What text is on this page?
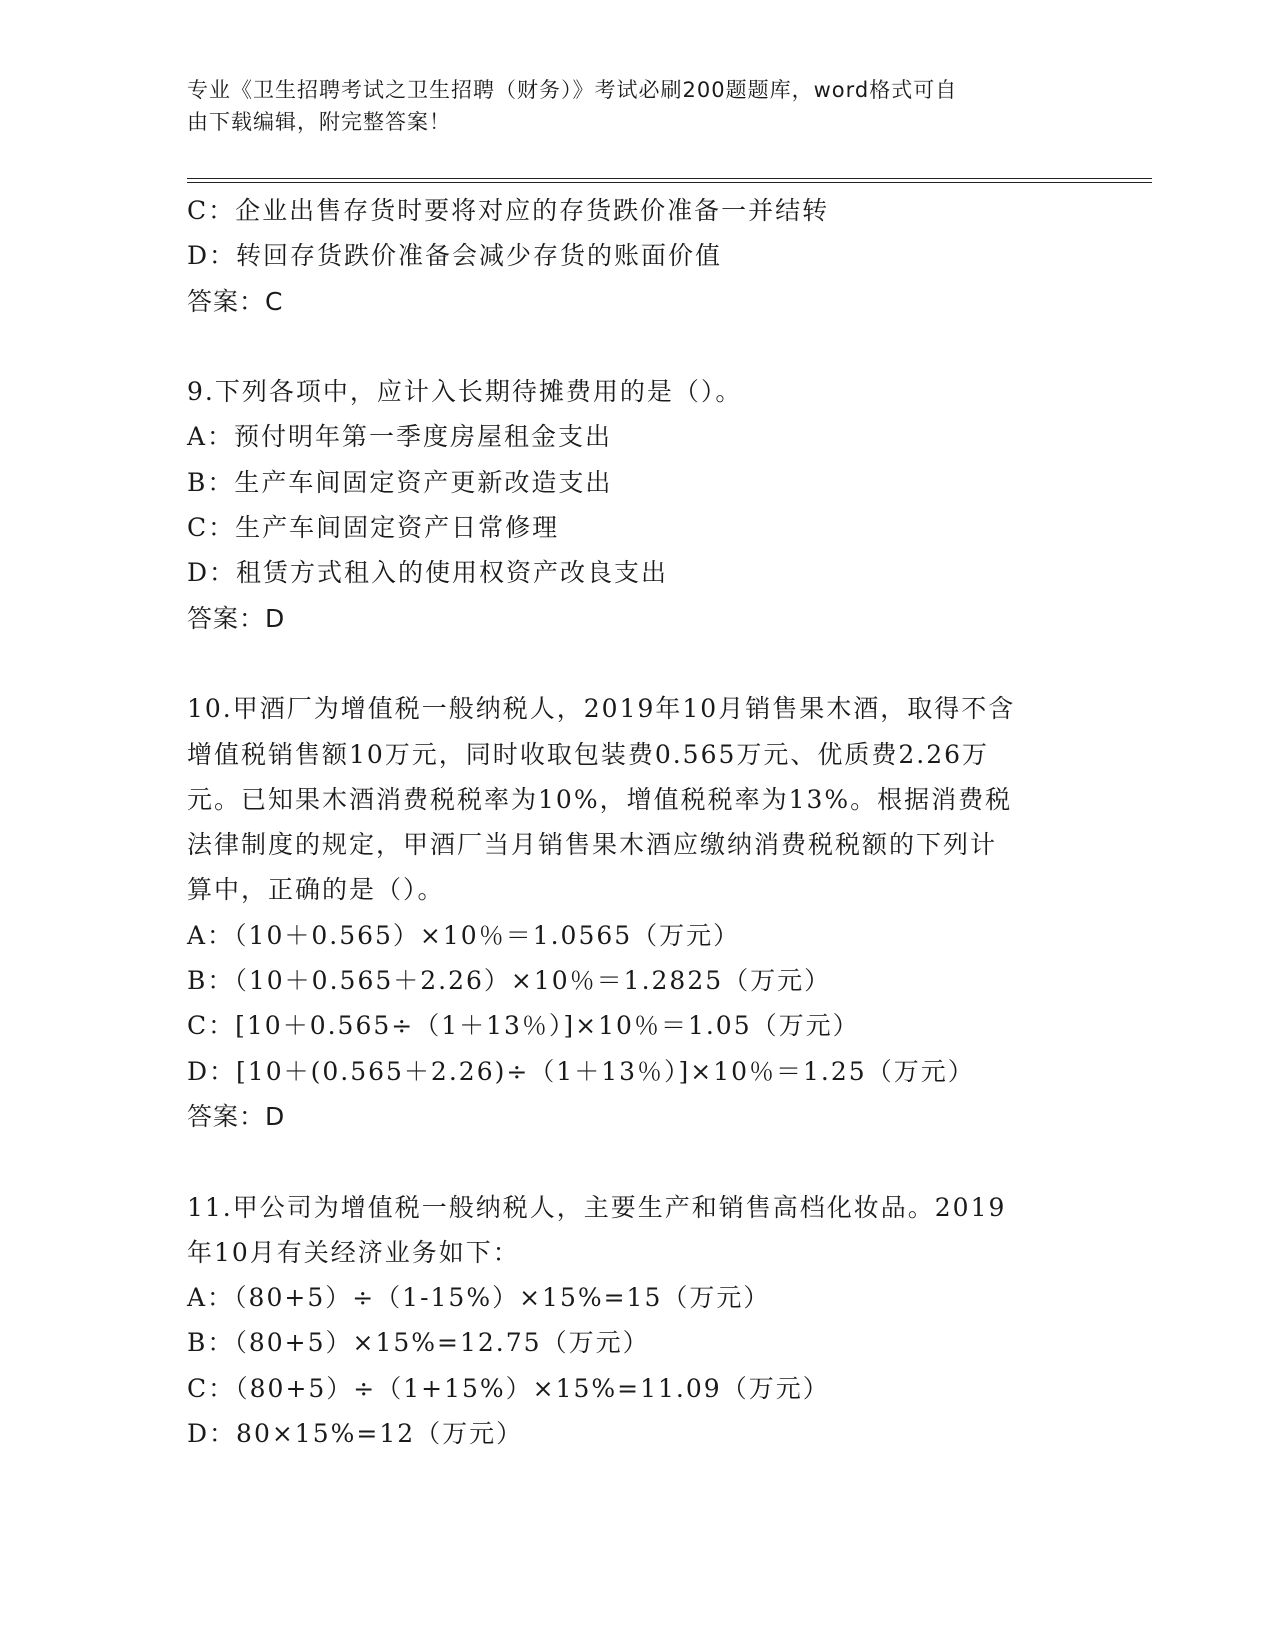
专业《卫生招聘考试之卫生招聘（财务）》考试必刷200题题库，word格式可自
由下载编辑，附完整答案！
C：企业出售存货时要将对应的存货跌价准备一并结转
D：转回存货跌价准备会减少存货的账面价值
答案：C
9.下列各项中，应计入长期待摊费用的是（）。
A：预付明年第一季度房屋租金支出
B：生产车间固定资产更新改造支出
C：生产车间固定资产日常修理
D：租赁方式租入的使用权资产改良支出
答案：D
10.甲酒厂为增值税一般纳税人，2019年10月销售果木酒，取得不含
增值税销售额10万元，同时收取包装费0.565万元、优质费2.26万
元。已知果木酒消费税税率为10%，增值税税率为13%。根据消费税
法律制度的规定，甲酒厂当月销售果木酒应缴纳消费税税额的下列计
算中，正确的是（）。
A：（10＋0.565）×10％＝1.0565（万元）
B：（10＋0.565＋2.26）×10％＝1.2825（万元）
C：[10＋0.565÷（1＋13％）]×10％＝1.05（万元）
D：[10＋(0.565＋2.26)÷（1＋13％）]×10％＝1.25（万元）
答案：D
11.甲公司为增值税一般纳税人，主要生产和销售高档化妆品。2019
年10月有关经济业务如下：
A：（80+5）÷（1-15%）×15%=15（万元）
B：（80+5）×15%=12.75（万元）
C：（80+5）÷（1+15%）×15%=11.09（万元）
D：80×15%=12（万元）
